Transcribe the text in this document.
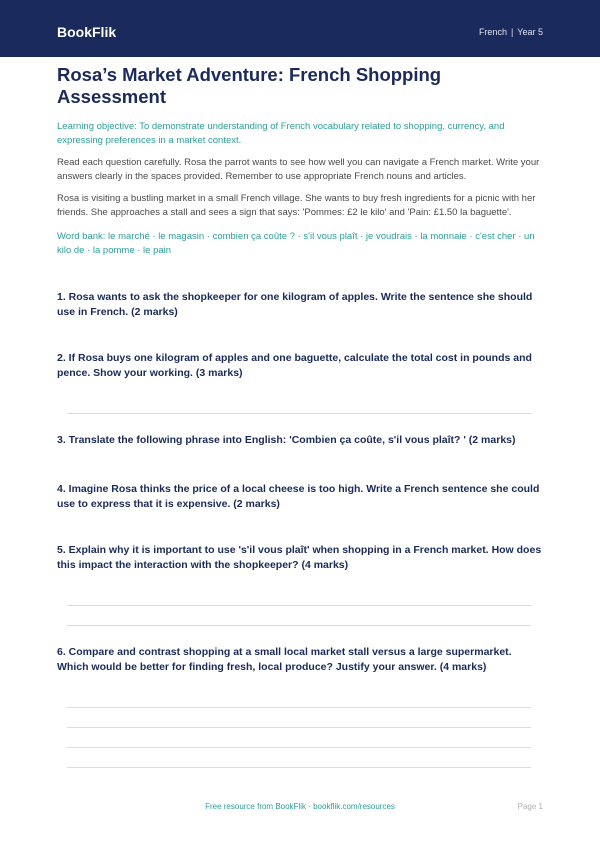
BookFlik	French | Year 5
Rosa’s Market Adventure: French Shopping Assessment
Learning objective: To demonstrate understanding of French vocabulary related to shopping, currency, and expressing preferences in a market context.
Read each question carefully. Rosa the parrot wants to see how well you can navigate a French market. Write your answers clearly in the spaces provided. Remember to use appropriate French nouns and articles.
Rosa is visiting a bustling market in a small French village. She wants to buy fresh ingredients for a picnic with her friends. She approaches a stall and sees a sign that says: 'Pommes: £2 le kilo' and 'Pain: £1.50 la baguette'.
Word bank: le marché · le magasin · combien ça coûte ? · s'il vous plaît · je voudrais · la monnaie · c'est cher · un kilo de · la pomme · le pain
1. Rosa wants to ask the shopkeeper for one kilogram of apples. Write the sentence she should use in French. (2 marks)
2. If Rosa buys one kilogram of apples and one baguette, calculate the total cost in pounds and pence. Show your working. (3 marks)
3. Translate the following phrase into English: 'Combien ça coûte, s'il vous plaît? ' (2 marks)
4. Imagine Rosa thinks the price of a local cheese is too high. Write a French sentence she could use to express that it is expensive. (2 marks)
5. Explain why it is important to use 's'il vous plaît' when shopping in a French market. How does this impact the interaction with the shopkeeper? (4 marks)
6. Compare and contrast shopping at a small local market stall versus a large supermarket. Which would be better for finding fresh, local produce? Justify your answer. (4 marks)
Free resource from BookFlik · bookflik.com/resources	Page 1
